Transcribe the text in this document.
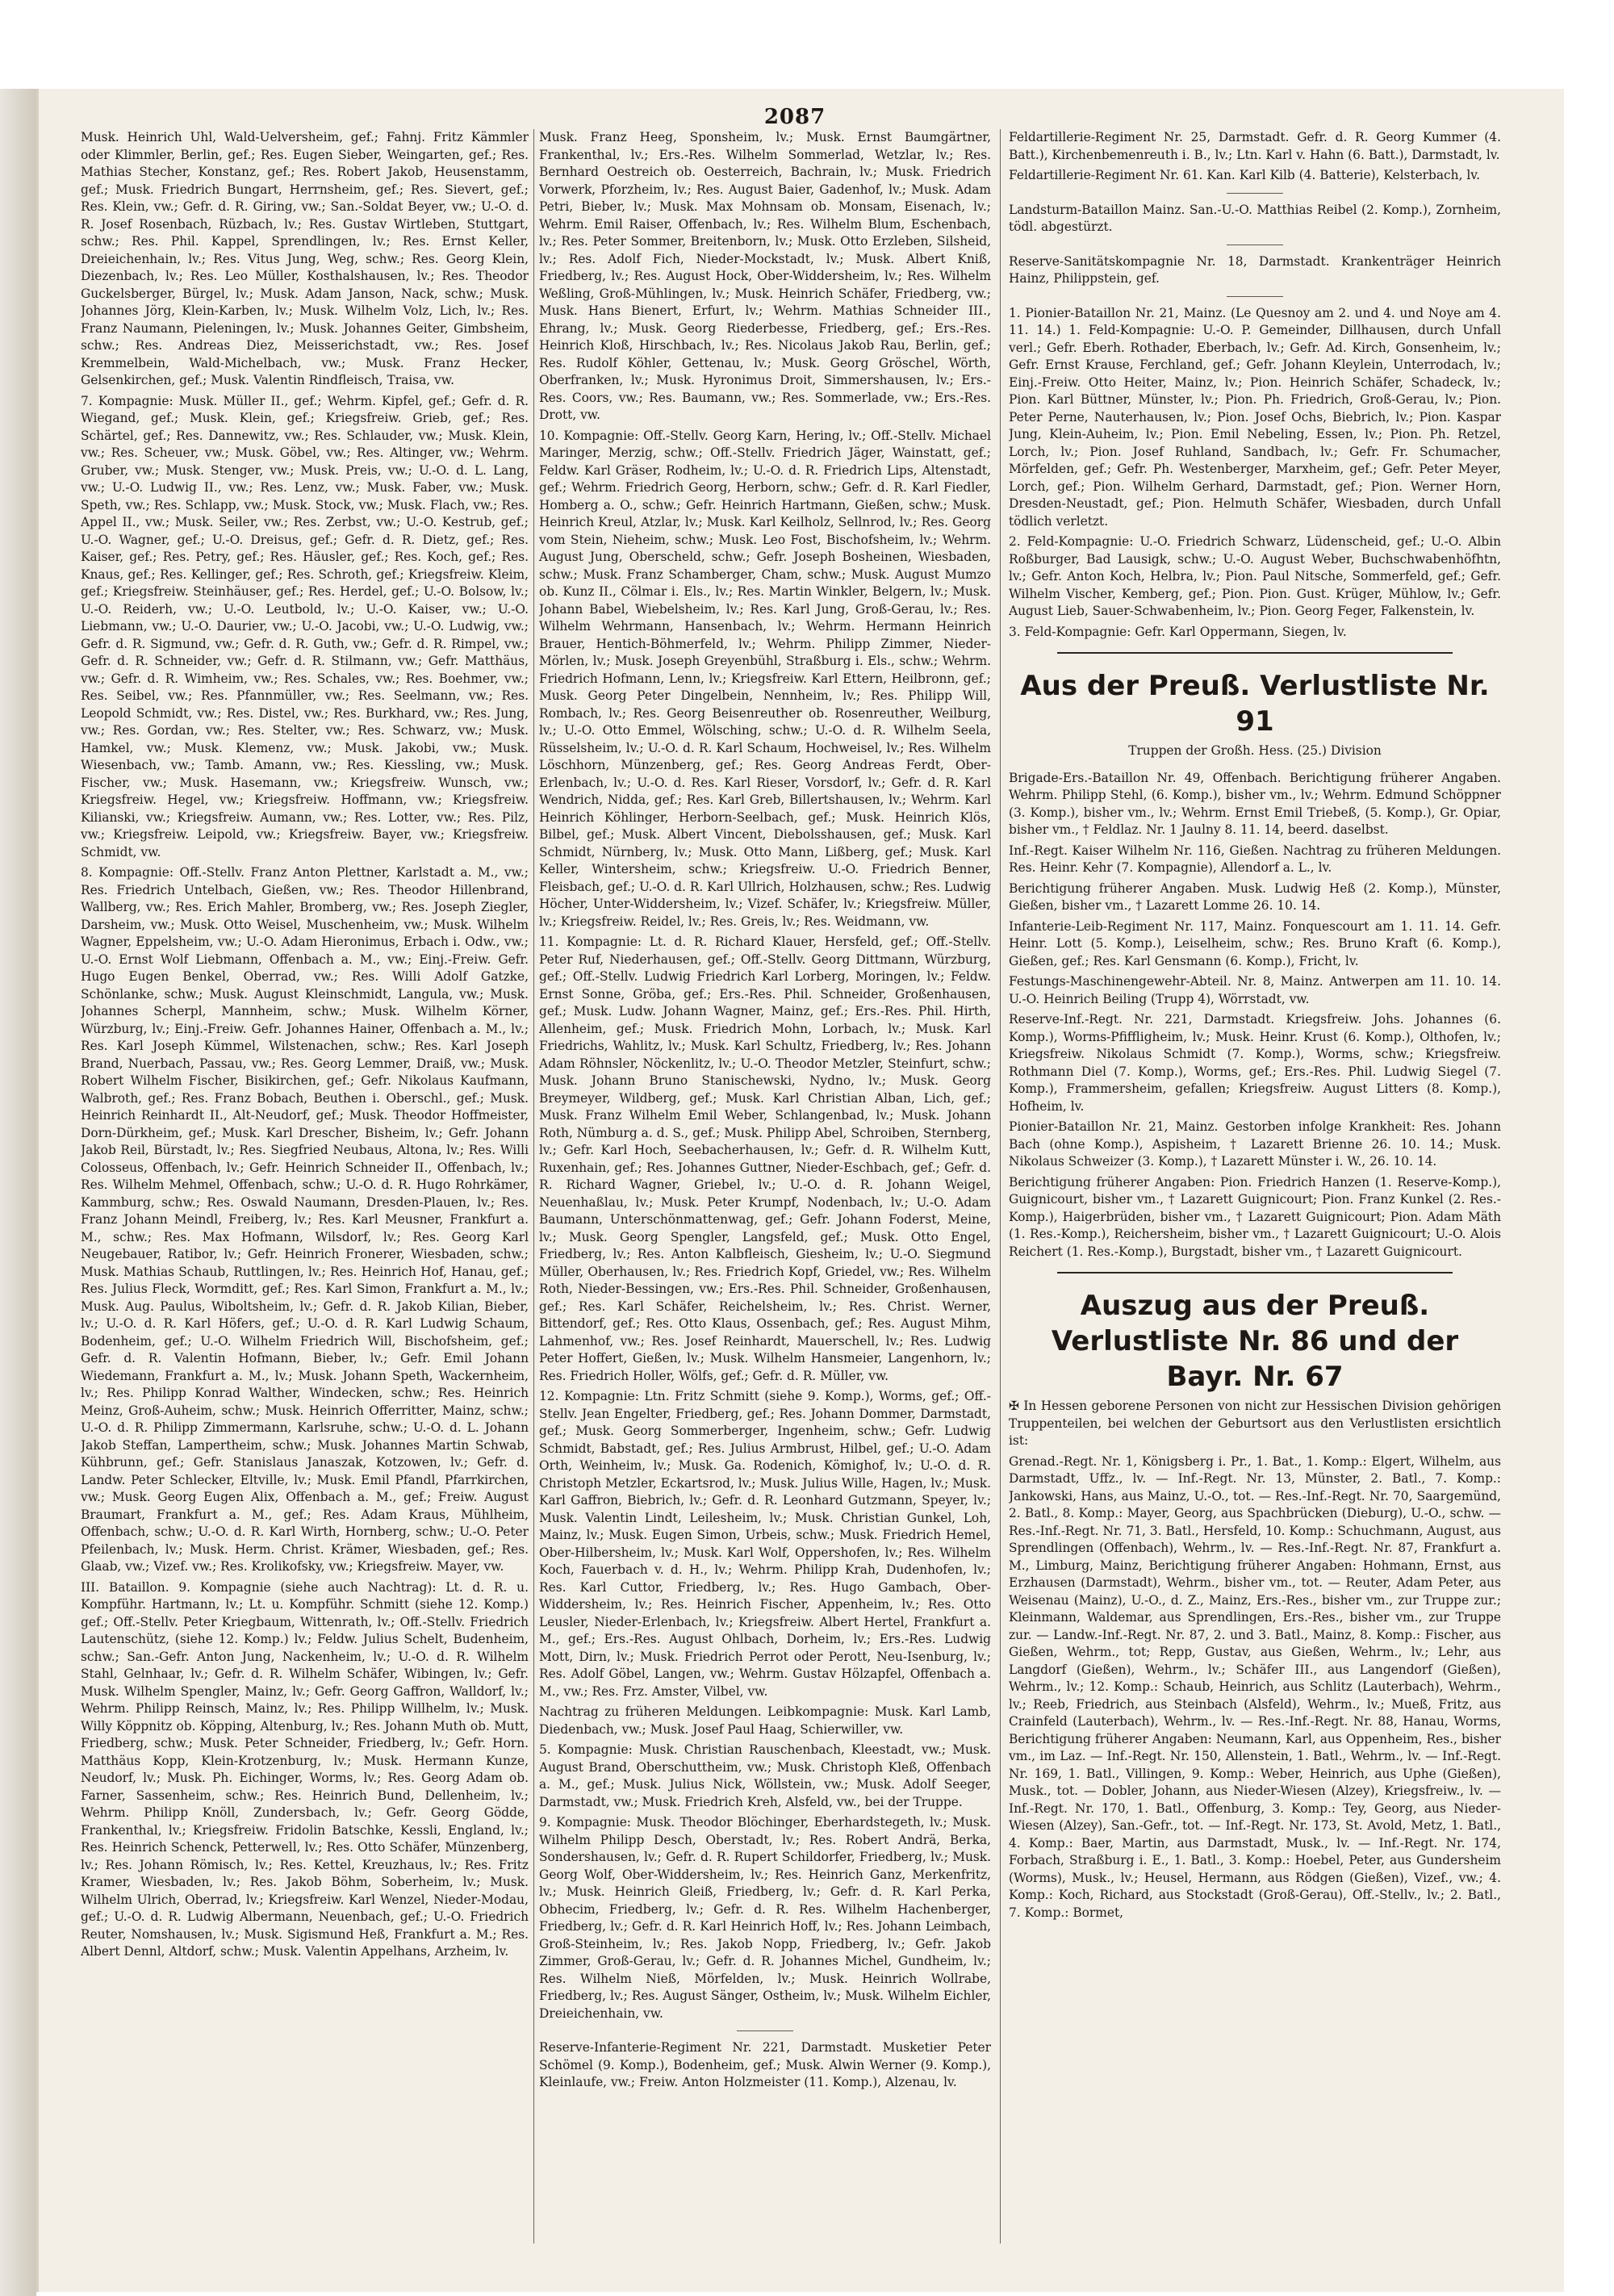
2087

Musk. Heinrich Uhl, Wald-Uelversheim, gef.; Fahnj. Fritz Kämmler oder Klimmler, Berlin, gef.; Res. Eugen Sieber, Weingarten, gef.; Res. Mathias Stecher, Konstanz, gef.; Res. Robert Jakob, Heusenstamm, gef.; Musk. Friedrich Bungart, Herrnsheim, gef.; Res. Sievert, gef.; Res. Klein, vw.; Gefr. d. R. Giring, vw.; San.-Soldat Beyer, vw.; U.-O. d. R. Josef Rosenbach, Rüzbach, lv.; Res. Gustav Wirtleben, Stuttgart, schw.; Res. Phil. Kappel, Sprendlingen, lv.; Res. Ernst Keller, Dreieichenhain, lv.; Res. Vitus Jung, Weg, schw.; Res. Georg Klein, Diezenbach, lv.; Res. Leo Müller, Kosthalshausen, lv.; Res. Theodor Guckelsberger, Bürgel, lv.; Musk. Adam Janson, Nack, schw.; Musk. Johannes Jörg, Klein-Karben, lv.; Musk. Wilhelm Volz, Lich, lv.; Res. Franz Naumann, Pieleningen, lv.; Musk. Johannes Geiter, Gimbsheim, schw.; Res. Andreas Diez, Meisserichstadt, vw.; Res. Josef Kremmelbein, Wald-Michelbach, vw.; Musk. Franz Hecker, Gelsenkirchen, gef.; Musk. Valentin Rindfleisch, Traisa, vw.

7. Kompagnie: Musk. Müller II., gef.; Wehrm. Kipfel, gef.; Gefr. d. R. Wiegand, gef.; Musk. Klein, gef.; Kriegsfreiw. Grieb, gef.; Res. Schärtel, gef.; Res. Dannewitz, vw.; Res. Schlauder, vw.; Musk. Klein, vw.; Res. Scheuer, vw.; Musk. Göbel, vw.; Res. Altinger, vw.; Wehrm. Gruber, vw.; Musk. Stenger, vw.; Musk. Preis, vw.; U.-O. d. L. Lang, vw.; U.-O. Ludwig II., vw.; Res. Lenz, vw.; Musk. Faber, vw.; Musk. Speth, vw.; Res. Schlapp, vw.; Musk. Stock, vw.; Musk. Flach, vw.; Res. Appel II., vw.; Musk. Seiler, vw.; Res. Zerbst, vw.; U.-O. Kestrub, gef.; U.-O. Wagner, gef.; U.-O. Dreisus, gef.; Gefr. d. R. Dietz, gef.; Res. Kaiser, gef.; Res. Petry, gef.; Res. Häusler, gef.; Res. Koch, gef.; Res. Knaus, gef.; Res. Kellinger, gef.; Res. Schroth, gef.; Kriegsfreiw. Kleim, gef.; Kriegsfreiw. Steinhäuser, gef.; Res. Herdel, gef.; U.-O. Bolsow, lv.; U.-O. Reiderh, vw.; U.-O. Leutbold, lv.; U.-O. Kaiser, vw.; U.-O. Liebmann, vw.; U.-O. Daurier, vw.; U.-O. Jacobi, vw.; U.-O. Ludwig, vw.; Gefr. d. R. Sigmund, vw.; Gefr. d. R. Guth, vw.; Gefr. d. R. Rimpel, vw.; Gefr. d. R. Schneider, vw.; Gefr. d. R. Stilmann, vw.; Gefr. Matthäus, vw.; Gefr. d. R. Wimheim, vw.; Res. Schales, vw.; Res. Boehmer, vw.; Res. Seibel, vw.; Res. Pfannmüller, vw.; Res. Seelmann, vw.; Res. Leopold Schmidt, vw.; Res. Distel, vw.; Res. Burkhard, vw.; Res. Jung, vw.; Res. Gordan, vw.; Res. Stelter, vw.; Res. Schwarz, vw.; Musk. Hamkel, vw.; Musk. Klemenz, vw.; Musk. Jakobi, vw.; Musk. Wiesenbach, vw.; Tamb. Amann, vw.; Res. Kiessling, vw.; Musk. Fischer, vw.; Musk. Hasemann, vw.; Kriegsfreiw. Wunsch, vw.; Kriegsfreiw. Hegel, vw.; Kriegsfreiw. Hoffmann, vw.; Kriegsfreiw. Kilianski, vw.; Kriegsfreiw. Aumann, vw.; Res. Lotter, vw.; Res. Pilz, vw.; Kriegsfreiw. Leipold, vw.; Kriegsfreiw. Bayer, vw.; Kriegsfreiw. Schmidt, vw.

8. Kompagnie: Off.-Stellv. Franz Anton Plettner, Karlstadt a. M., vw.; Res. Friedrich Untelbach, Gießen, vw.; Res. Theodor Hillenbrand, Wallberg, vw.; Res. Erich Mahler, Bromberg, vw.; Res. Joseph Ziegler, Darsheim, vw.; Musk. Otto Weisel, Muschenheim, vw.; Musk. Wilhelm Wagner, Eppelsheim, vw.; U.-O. Adam Hieronimus, Erbach i. Odw., vw.; U.-O. Ernst Wolf Liebmann, Offenbach a. M., vw.; Einj.-Freiw. Gefr. Hugo Eugen Benkel, Oberrad, vw.; Res. Willi Adolf Gatzke, Schönlanke, schw.; Musk. August Kleinschmidt, Langula, vw.; Musk. Johannes Scherpl, Mannheim, schw.; Musk. Wilhelm Körner, Würzburg, lv.; Einj.-Freiw. Gefr. Johannes Hainer, Offenbach a. M., lv.; Res. Karl Joseph Kümmel, Wilstenachen, schw.; Res. Karl Joseph Brand, Nuerbach, Passau, vw.; Res. Georg Lemmer, Draiß, vw.; Musk. Robert Wilhelm Fischer, Bisikirchen, gef.; Gefr. Nikolaus Kaufmann, Walbroth, gef.; Res. Franz Bobach, Beuthen i. Oberschl., gef.; Musk. Heinrich Reinhardt II., Alt-Neudorf, gef.; Musk. Theodor Hoffmeister, Dorn-Dürkheim, gef.; Musk. Karl Drescher, Bisheim, lv.; Gefr. Johann Jakob Reil, Bürstadt, lv.; Res. Siegfried Neubaus, Altona, lv.; Res. Willi Colosseus, Offenbach, lv.; Gefr. Heinrich Schneider II., Offenbach, lv.; Res. Wilhelm Mehmel, Offenbach, schw.; U.-O. d. R. Hugo Rohrkämer, Kammburg, schw.; Res. Oswald Naumann, Dresden-Plauen, lv.; Res. Franz Johann Meindl, Freiberg, lv.; Res. Karl Meusner, Frankfurt a. M., schw.; Res. Max Hofmann, Wilsdorf, lv.; Res. Georg Karl Neugebauer, Ratibor, lv.; Gefr. Heinrich Fronerer, Wiesbaden, schw.; Musk. Mathias Schaub, Ruttlingen, lv.; Res. Heinrich Hof, Hanau, gef.; Res. Julius Fleck, Wormditt, gef.; Res. Karl Simon, Frankfurt a. M., lv.; Musk. Aug. Paulus, Wiboltsheim, lv.; Gefr. d. R. Jakob Kilian, Bieber, lv.; U.-O. d. R. Karl Höfers, gef.; U.-O. d. R. Karl Ludwig Schaum, Bodenheim, gef.; U.-O. Wilhelm Friedrich Will, Bischofsheim, gef.; Gefr. d. R. Valentin Hofmann, Bieber, lv.; Gefr. Emil Johann Wiedemann, Frankfurt a. M., lv.; Musk. Johann Speth, Wackernheim, lv.; Res. Philipp Konrad Walther, Windecken, schw.; Res. Heinrich Meinz, Groß-Auheim, schw.; Musk. Heinrich Offerritter, Mainz, schw.; U.-O. d. R. Philipp Zimmermann, Karlsruhe, schw.; U.-O. d. L. Johann Jakob Steffan, Lampertheim, schw.; Musk. Johannes Martin Schwab, Kühbrunn, gef.; Gefr. Stanislaus Janaszak, Kotzowen, lv.; Gefr. d. Landw. Peter Schlecker, Eltville, lv.; Musk. Emil Pfandl, Pfarrkirchen, vw.; Musk. Georg Eugen Alix, Offenbach a. M., gef.; Freiw. August Braumart, Frankfurt a. M., gef.; Res. Adam Kraus, Mühlheim, Offenbach, schw.; U.-O. d. R. Karl Wirth, Hornberg, schw.; U.-O. Peter Pfeilenbach, lv.; Musk. Herm. Christ. Krämer, Wiesbaden, gef.; Res. Glaab, vw.; Vizef. vw.; Res. Krolikofsky, vw.; Kriegsfreiw. Mayer, vw.

III. Bataillon. 9. Kompagnie (siehe auch Nachtrag): Lt. d. R. u. Kompführ. Hartmann, lv.; Lt. u. Kompführ. Schmitt (siehe 12. Komp.) gef.; Off.-Stellv. Peter Kriegbaum, Wittenrath, lv.; Off.-Stellv. Friedrich Lautenschütz, (siehe 12. Komp.) lv.; Feldw. Julius Schelt, Budenheim, schw.; San.-Gefr. Anton Jung, Nackenheim, lv.; U.-O. d. R. Wilhelm Stahl, Gelnhaar, lv.; Gefr. d. R. Wilhelm Schäfer, Wibingen, lv.; Gefr. Musk. Wilhelm Spengler, Mainz, lv.; Gefr. Georg Gaffron, Walldorf, lv.; Wehrm. Philipp Reinsch, Mainz, lv.; Res. Philipp Willhelm, lv.; Musk. Willy Köppnitz ob. Köpping, Altenburg, lv.; Res. Johann Muth ob. Mutt, Friedberg, schw.; Musk. Peter Schneider, Friedberg, lv.; Gefr. Horn. Matthäus Kopp, Klein-Krotzenburg, lv.; Musk. Hermann Kunze, Neudorf, lv.; Musk. Ph. Eichinger, Worms, lv.; Res. Georg Adam ob. Farner, Sassenheim, schw.; Res. Heinrich Bund, Dellenheim, lv.; Wehrm. Philipp Knöll, Zundersbach, lv.; Gefr. Georg Gödde, Frankenthal, lv.; Kriegsfreiw. Fridolin Batschke, Kessli, England, lv.; Res. Heinrich Schenck, Petterwell, lv.; Res. Otto Schäfer, Münzenberg, lv.; Res. Johann Römisch, lv.; Res. Kettel, Kreuzhaus, lv.; Res. Fritz Kramer, Wiesbaden, lv.; Res. Jakob Böhm, Soberheim, lv.; Musk. Wilhelm Ulrich, Oberrad, lv.; Kriegsfreiw. Karl Wenzel, Nieder-Modau, gef.; U.-O. d. R. Ludwig Albermann, Neuenbach, gef.; U.-O. Friedrich Reuter, Nomshausen, lv.; Musk. Sigismund Heß, Frankfurt a. M.; Res. Albert Dennl, Altdorf, schw.; Musk. Valentin Appelhans, Arzheim, lv.

Musk. Franz Heeg, Sponsheim, lv.; Musk. Ernst Baumgärtner, Frankenthal, lv.; Ers.-Res. Wilhelm Sommerlad, Wetzlar, lv.; Res. Bernhard Oestreich ob. Oesterreich, Bachrain, lv.; Musk. Friedrich Vorwerk, Pforzheim, lv.; Res. August Baier, Gadenhof, lv.; Musk. Adam Petri, Bieber, lv.; Musk. Max Mohnsam ob. Monsam, Eisenach, lv.; Wehrm. Emil Raiser, Offenbach, lv.; Res. Wilhelm Blum, Eschenbach, lv.; Res. Peter Sommer, Breitenborn, lv.; Musk. Otto Erzleben, Silsheid, lv.; Res. Adolf Fich, Nieder-Mockstadt, lv.; Musk. Albert Kniß, Friedberg, lv.; Res. August Hock, Ober-Widdersheim, lv.; Res. Wilhelm Weßling, Groß-Mühlingen, lv.; Musk. Heinrich Schäfer, Friedberg, vw.; Musk. Hans Bienert, Erfurt, lv.; Wehrm. Mathias Schneider III., Ehrang, lv.; Musk. Georg Riederbesse, Friedberg, gef.; Ers.-Res. Heinrich Kloß, Hirschbach, lv.; Res. Nicolaus Jakob Rau, Berlin, gef.; Res. Rudolf Köhler, Gettenau, lv.; Musk. Georg Gröschel, Wörth, Oberfranken, lv.; Musk. Hyronimus Droit, Simmershausen, lv.; Ers.-Res. Coors, vw.; Res. Baumann, vw.; Res. Sommerlade, vw.; Ers.-Res. Drott, vw.

10. Kompagnie: Off.-Stellv. Georg Karn, Hering, lv.; Off.-Stellv. Michael Maringer, Merzig, schw.; Off.-Stellv. Friedrich Jäger, Wainstatt, gef.; Feldw. Karl Gräser, Rodheim, lv.; U.-O. d. R. Friedrich Lips, Altenstadt, gef.; Wehrm. Friedrich Georg, Herborn, schw.; Gefr. d. R. Karl Fiedler, Homberg a. O., schw.; Gefr. Heinrich Hartmann, Gießen, schw.; Musk. Heinrich Kreul, Atzlar, lv.; Musk. Karl Keilholz, Sellnrod, lv.; Res. Georg vom Stein, Nieheim, schw.; Musk. Leo Fost, Bischofsheim, lv.; Wehrm. August Jung, Oberscheld, schw.; Gefr. Joseph Bosheinen, Wiesbaden, schw.; Musk. Franz Schamberger, Cham, schw.; Musk. August Mumzo ob. Kunz II., Cölmar i. Els., lv.; Res. Martin Winkler, Belgern, lv.; Musk. Johann Babel, Wiebelsheim, lv.; Res. Karl Jung, Groß-Gerau, lv.; Res. Wilhelm Wehrmann, Hansenbach, lv.; Wehrm. Hermann Heinrich Brauer, Hentich-Böhmerfeld, lv.; Wehrm. Philipp Zimmer, Nieder-Mörlen, lv.; Musk. Joseph Greyenbühl, Straßburg i. Els., schw.; Wehrm. Friedrich Hofmann, Lenn, lv.; Kriegsfreiw. Karl Ettern, Heilbronn, gef.; Musk. Georg Peter Dingelbein, Nennheim, lv.; Res. Philipp Will, Rombach, lv.; Res. Georg Beisenreuther ob. Rosenreuther, Weilburg, lv.; U.-O. Otto Emmel, Wölsching, schw.; U.-O. d. R. Wilhelm Seela, Rüsselsheim, lv.; U.-O. d. R. Karl Schaum, Hochweisel, lv.; Res. Wilhelm Löschhorn, Münzenberg, gef.; Res. Georg Andreas Ferdt, Ober-Erlenbach, lv.; U.-O. d. Res. Karl Rieser, Vorsdorf, lv.; Gefr. d. R. Karl Wendrich, Nidda, gef.; Res. Karl Greb, Billertshausen, lv.; Wehrm. Karl Heinrich Köhlinger, Herborn-Seelbach, gef.; Musk. Heinrich Klös, Bilbel, gef.; Musk. Albert Vincent, Diebolsshausen, gef.; Musk. Karl Schmidt, Nürnberg, lv.; Musk. Otto Mann, Lißberg, gef.; Musk. Karl Keller, Wintersheim, schw.; Kriegsfreiw. U.-O. Friedrich Benner, Fleisbach, gef.; U.-O. d. R. Karl Ullrich, Holzhausen, schw.; Res. Ludwig Höcher, Unter-Widdersheim, lv.; Vizef. Schäfer, lv.; Kriegsfreiw. Müller, lv.; Kriegsfreiw. Reidel, lv.; Res. Greis, lv.; Res. Weidmann, vw.

11. Kompagnie: Lt. d. R. Richard Klauer, Hersfeld, gef.; Off.-Stellv. Peter Ruf, Niederhausen, gef.; Off.-Stellv. Georg Dittmann, Würzburg, gef.; Off.-Stellv. Ludwig Friedrich Karl Lorberg, Moringen, lv.; Feldw. Ernst Sonne, Gröba, gef.; Ers.-Res. Phil. Schneider, Großenhausen, gef.; Musk. Ludw. Johann Wagner, Mainz, gef.; Ers.-Res. Phil. Hirth, Allenheim, gef.; Musk. Friedrich Mohn, Lorbach, lv.; Musk. Karl Friedrichs, Wahlitz, lv.; Musk. Karl Schultz, Friedberg, lv.; Res. Johann Adam Röhnsler, Nöckenlitz, lv.; U.-O. Theodor Metzler, Steinfurt, schw.; Musk. Johann Bruno Stanischewski, Nydno, lv.; Musk. Georg Breymeyer, Wildberg, gef.; Musk. Karl Christian Alban, Lich, gef.; Musk. Franz Wilhelm Emil Weber, Schlangenbad, lv.; Musk. Johann Roth, Nümburg a. d. S., gef.; Musk. Philipp Abel, Schroiben, Sternberg, lv.; Gefr. Karl Hoch, Seebacherhausen, lv.; Gefr. d. R. Wilhelm Kutt, Ruxenhain, gef.; Res. Johannes Guttner, Nieder-Eschbach, gef.; Gefr. d. R. Richard Wagner, Griebel, lv.; U.-O. d. R. Johann Weigel, Neuenhaßlau, lv.; Musk. Peter Krumpf, Nodenbach, lv.; U.-O. Adam Baumann, Unterschönmattenwag, gef.; Gefr. Johann Foderst, Meine, lv.; Musk. Georg Spengler, Langsfeld, gef.; Musk. Otto Engel, Friedberg, lv.; Res. Anton Kalbfleisch, Giesheim, lv.; U.-O. Siegmund Müller, Oberhausen, lv.; Res. Friedrich Kopf, Griedel, vw.; Res. Wilhelm Roth, Nieder-Bessingen, vw.; Ers.-Res. Phil. Schneider, Großenhausen, gef.; Res. Karl Schäfer, Reichelsheim, lv.; Res. Christ. Werner, Bittendorf, gef.; Res. Otto Klaus, Ossenbach, gef.; Res. August Mihm, Lahmenhof, vw.; Res. Josef Reinhardt, Mauerschell, lv.; Res. Ludwig Peter Hoffert, Gießen, lv.; Musk. Wilhelm Hansmeier, Langenhorn, lv.; Res. Friedrich Holler, Wölfs, gef.; Gefr. d. R. Müller, vw.

12. Kompagnie: Ltn. Fritz Schmitt (siehe 9. Komp.), Worms, gef.; Off.-Stellv. Jean Engelter, Friedberg, gef.; Res. Johann Dommer, Darmstadt, gef.; Musk. Georg Sommerberger, Ingenheim, schw.; Gefr. Ludwig Schmidt, Babstadt, gef.; Res. Julius Armbrust, Hilbel, gef.; U.-O. Adam Orth, Weinheim, lv.; Musk. Ga. Rodenich, Kömighof, lv.; U.-O. d. R. Christoph Metzler, Eckartsrod, lv.; Musk. Julius Wille, Hagen, lv.; Musk. Karl Gaffron, Biebrich, lv.; Gefr. d. R. Leonhard Gutzmann, Speyer, lv.; Musk. Valentin Lindt, Leilesheim, lv.; Musk. Christian Gunkel, Loh, Mainz, lv.; Musk. Eugen Simon, Urbeis, schw.; Musk. Friedrich Hemel, Ober-Hilbersheim, lv.; Musk. Karl Wolf, Oppershofen, lv.; Res. Wilhelm Koch, Fauerbach v. d. H., lv.; Wehrm. Philipp Krah, Dudenhofen, lv.; Res. Karl Cuttor, Friedberg, lv.; Res. Hugo Gambach, Ober-Widdersheim, lv.; Res. Heinrich Fischer, Appenheim, lv.; Res. Otto Leusler, Nieder-Erlenbach, lv.; Kriegsfreiw. Albert Hertel, Frankfurt a. M., gef.; Ers.-Res. August Ohlbach, Dorheim, lv.; Ers.-Res. Ludwig Mott, Dirn, lv.; Musk. Friedrich Perrot oder Perott, Neu-Isenburg, lv.; Res. Adolf Göbel, Langen, vw.; Wehrm. Gustav Hölzapfel, Offenbach a. M., vw.; Res. Frz. Amster, Vilbel, vw.

Nachtrag zu früheren Meldungen. Leibkompagnie: Musk. Karl Lamb, Diedenbach, vw.; Musk. Josef Paul Haag, Schierwiller, vw.

5. Kompagnie: Musk. Christian Rauschenbach, Kleestadt, vw.; Musk. August Brand, Oberschuttheim, vw.; Musk. Christoph Kleß, Offenbach a. M., gef.; Musk. Julius Nick, Wöllstein, vw.; Musk. Adolf Seeger, Darmstadt, vw.; Musk. Friedrich Kreh, Alsfeld, vw., bei der Truppe.

9. Kompagnie: Musk. Theodor Blöchinger, Eberhardstegeth, lv.; Musk. Wilhelm Philipp Desch, Oberstadt, lv.; Res. Robert Andrä, Berka, Sondershausen, lv.; Gefr. d. R. Rupert Schildorfer, Friedberg, lv.; Musk. Georg Wolf, Ober-Widdersheim, lv.; Res. Heinrich Ganz, Merkenfritz, lv.; Musk. Heinrich Gleiß, Friedberg, lv.; Gefr. d. R. Karl Perka, Obhecim, Friedberg, lv.; Gefr. d. R. Res. Wilhelm Hachenberger, Friedberg, lv.; Gefr. d. R. Karl Heinrich Hoff, lv.; Res. Johann Leimbach, Groß-Steinheim, lv.; Res. Jakob Nopp, Friedberg, lv.; Gefr. Jakob Zimmer, Groß-Gerau, lv.; Gefr. d. R. Johannes Michel, Gundheim, lv.; Res. Wilhelm Nieß, Mörfelden, lv.; Musk. Heinrich Wollrabe, Friedberg, lv.; Res. August Sänger, Ostheim, lv.; Musk. Wilhelm Eichler, Dreieichenhain, vw.

Reserve-Infanterie-Regiment Nr. 221, Darmstadt. Musketier Peter Schömel (9. Komp.), Bodenheim, gef.; Musk. Alwin Werner (9. Komp.), Kleinlaufe, vw.; Freiw. Anton Holzmeister (11. Komp.), Alzenau, lv.

Feldartillerie-Regiment Nr. 25, Darmstadt. Gefr. d. R. Georg Kummer (4. Batt.), Kirchenbemenreuth i. B., lv.; Ltn. Karl v. Hahn (6. Batt.), Darmstadt, lv.

Feldartillerie-Regiment Nr. 61. Kan. Karl Kilb (4. Batterie), Kelsterbach, lv.

Landsturm-Bataillon Mainz. San.-U.-O. Matthias Reibel (2. Komp.), Zornheim, tödl. abgestürzt.

Reserve-Sanitätskompagnie Nr. 18, Darmstadt. Krankenträger Heinrich Hainz, Philippstein, gef.

1. Pionier-Bataillon Nr. 21, Mainz. (Le Quesnoy am 2. und 4. und Noye am 4. 11. 14.) 1. Feld-Kompagnie: U.-O. P. Gemeinder, Dillhausen, durch Unfall verl.; Gefr. Eberh. Rothader, Eberbach, lv.; Gefr. Ad. Kirch, Gonsenheim, lv.; Gefr. Ernst Krause, Ferchland, gef.; Gefr. Johann Kleylein, Unterrodach, lv.; Einj.-Freiw. Otto Heiter, Mainz, lv.; Pion. Heinrich Schäfer, Schadeck, lv.; Pion. Karl Büttner, Münster, lv.; Pion. Ph. Friedrich, Groß-Gerau, lv.; Pion. Peter Perne, Nauterhausen, lv.; Pion. Josef Ochs, Biebrich, lv.; Pion. Kaspar Jung, Klein-Auheim, lv.; Pion. Emil Nebeling, Essen, lv.; Pion. Ph. Retzel, Lorch, lv.; Pion. Josef Ruhland, Sandbach, lv.; Gefr. Fr. Schumacher, Mörfelden, gef.; Gefr. Ph. Westenberger, Marxheim, gef.; Gefr. Peter Meyer, Lorch, gef.; Pion. Wilhelm Gerhard, Darmstadt, gef.; Pion. Werner Horn, Dresden-Neustadt, gef.; Pion. Helmuth Schäfer, Wiesbaden, durch Unfall tödlich verletzt.

2. Feld-Kompagnie: U.-O. Friedrich Schwarz, Lüdenscheid, gef.; U.-O. Albin Roßburger, Bad Lausigk, schw.; U.-O. August Weber, Buchschwabenhöfhtn, lv.; Gefr. Anton Koch, Helbra, lv.; Pion. Paul Nitsche, Sommerfeld, gef.; Gefr. Wilhelm Vischer, Kemberg, gef.; Pion. Pion. Gust. Krüger, Mühlow, lv.; Gefr. August Lieb, Sauer-Schwabenheim, lv.; Pion. Georg Feger, Falkenstein, lv.

3. Feld-Kompagnie: Gefr. Karl Oppermann, Siegen, lv.

Aus der Preuß. Verlustliste Nr. 91
Truppen der Großh. Hess. (25.) Division

Brigade-Ers.-Bataillon Nr. 49, Offenbach. Berichtigung früherer Angaben. Wehrm. Philipp Stehl, (6. Komp.), bisher vm., lv.; Wehrm. Edmund Schöppner (3. Komp.), bisher vm., lv.; Wehrm. Ernst Emil Triebeß, (5. Komp.), Gr. Opiar, bisher vm., † Feldlaz. Nr. 1 Jaulny 8. 11. 14, beerd. daselbst.

Inf.-Regt. Kaiser Wilhelm Nr. 116, Gießen. Nachtrag zu früheren Meldungen. Res. Heinr. Kehr (7. Kompagnie), Allendorf a. L., lv.

Berichtigung früherer Angaben. Musk. Ludwig Heß (2. Komp.), Münster, Gießen, bisher vm., † Lazarett Lomme 26. 10. 14.

Infanterie-Leib-Regiment Nr. 117, Mainz. Fonquescourt am 1. 11. 14. Gefr. Heinr. Lott (5. Komp.), Leiselheim, schw.; Res. Bruno Kraft (6. Komp.), Gießen, gef.; Res. Karl Gensmann (6. Komp.), Fricht, lv.

Festungs-Maschinengewehr-Abteil. Nr. 8, Mainz. Antwerpen am 11. 10. 14. U.-O. Heinrich Beiling (Trupp 4), Wörrstadt, vw.

Reserve-Inf.-Regt. Nr. 221, Darmstadt. Kriegsfreiw. Johs. Johannes (6. Komp.), Worms-Pfiffligheim, lv.; Musk. Heinr. Krust (6. Komp.), Olthofen, lv.; Kriegsfreiw. Nikolaus Schmidt (7. Komp.), Worms, schw.; Kriegsfreiw. Rothmann Diel (7. Komp.), Worms, gef.; Ers.-Res. Phil. Ludwig Siegel (7. Komp.), Frammersheim, gefallen; Kriegsfreiw. August Litters (8. Komp.), Hofheim, lv.

Pionier-Bataillon Nr. 21, Mainz. Gestorben infolge Krankheit: Res. Johann Bach (ohne Komp.), Aspisheim, † Lazarett Brienne 26. 10. 14.; Musk. Nikolaus Schweizer (3. Komp.), † Lazarett Münster i. W., 26. 10. 14.

Berichtigung früherer Angaben: Pion. Friedrich Hanzen (1. Reserve-Komp.), Guignicourt, bisher vm., † Lazarett Guignicourt; Pion. Franz Kunkel (2. Res.-Komp.), Haigerbrüden, bisher vm., † Lazarett Guignicourt; Pion. Adam Mäth (1. Res.-Komp.), Reichersheim, bisher vm., † Lazarett Guignicourt; U.-O. Alois Reichert (1. Res.-Komp.), Burgstadt, bisher vm., † Lazarett Guignicourt.

Auszug aus der Preuß. Verlustliste Nr. 86 und der Bayr. Nr. 67

✠ In Hessen geborene Personen von nicht zur Hessischen Division gehörigen Truppenteilen, bei welchen der Geburtsort aus den Verlustlisten ersichtlich ist:

Grenad.-Regt. Nr. 1, Königsberg i. Pr., 1. Bat., 1. Komp.: Elgert, Wilhelm, aus Darmstadt, Uffz., lv. — Inf.-Regt. Nr. 13, Münster, 2. Batl., 7. Komp.: Jankowski, Hans, aus Mainz, U.-O., tot. — Res.-Inf.-Regt. Nr. 70, Saargemünd, 2. Batl., 8. Komp.: Mayer, Georg, aus Spachbrücken (Dieburg), U.-O., schw. — Res.-Inf.-Regt. Nr. 71, 3. Batl., Hersfeld, 10. Komp.: Schuchmann, August, aus Sprendlingen (Offenbach), Wehrm., lv. — Res.-Inf.-Regt. Nr. 87, Frankfurt a. M., Limburg, Mainz, Berichtigung früherer Angaben: Hohmann, Ernst, aus Erzhausen (Darmstadt), Wehrm., bisher vm., tot. — Reuter, Adam Peter, aus Weisenau (Mainz), U.-O., d. Z., Mainz, Ers.-Res., bisher vm., zur Truppe zur.; Kleinmann, Waldemar, aus Sprendlingen, Ers.-Res., bisher vm., zur Truppe zur. — Landw.-Inf.-Regt. Nr. 87, 2. und 3. Batl., Mainz, 8. Komp.: Fischer, aus Gießen, Wehrm., tot; Repp, Gustav, aus Gießen, Wehrm., lv.; Lehr, aus Langdorf (Gießen), Wehrm., lv.; Schäfer III., aus Langendorf (Gießen), Wehrm., lv.; 12. Komp.: Schaub, Heinrich, aus Schlitz (Lauterbach), Wehrm., lv.; Reeb, Friedrich, aus Steinbach (Alsfeld), Wehrm., lv.; Mueß, Fritz, aus Crainfeld (Lauterbach), Wehrm., lv. — Res.-Inf.-Regt. Nr. 88, Hanau, Worms, Berichtigung früherer Angaben: Neumann, Karl, aus Oppenheim, Res., bisher vm., im Laz. — Inf.-Regt. Nr. 150, Allenstein, 1. Batl., Wehrm., lv. — Inf.-Regt. Nr. 169, 1. Batl., Villingen, 9. Komp.: Weber, Heinrich, aus Uphe (Gießen), Musk., tot. — Dobler, Johann, aus Nieder-Wiesen (Alzey), Kriegsfreiw., lv. — Inf.-Regt. Nr. 170, 1. Batl., Offenburg, 3. Komp.: Tey, Georg, aus Nieder-Wiesen (Alzey), San.-Gefr., tot. — Inf.-Regt. Nr. 173, St. Avold, Metz, 1. Batl., 4. Komp.: Baer, Martin, aus Darmstadt, Musk., lv. — Inf.-Regt. Nr. 174, Forbach, Straßburg i. E., 1. Batl., 3. Komp.: Hoebel, Peter, aus Gundersheim (Worms), Musk., lv.; Heusel, Hermann, aus Rödgen (Gießen), Vizef., vw.; 4. Komp.: Koch, Richard, aus Stockstadt (Groß-Gerau), Off.-Stellv., lv.; 2. Batl., 7. Komp.: Bormet,
